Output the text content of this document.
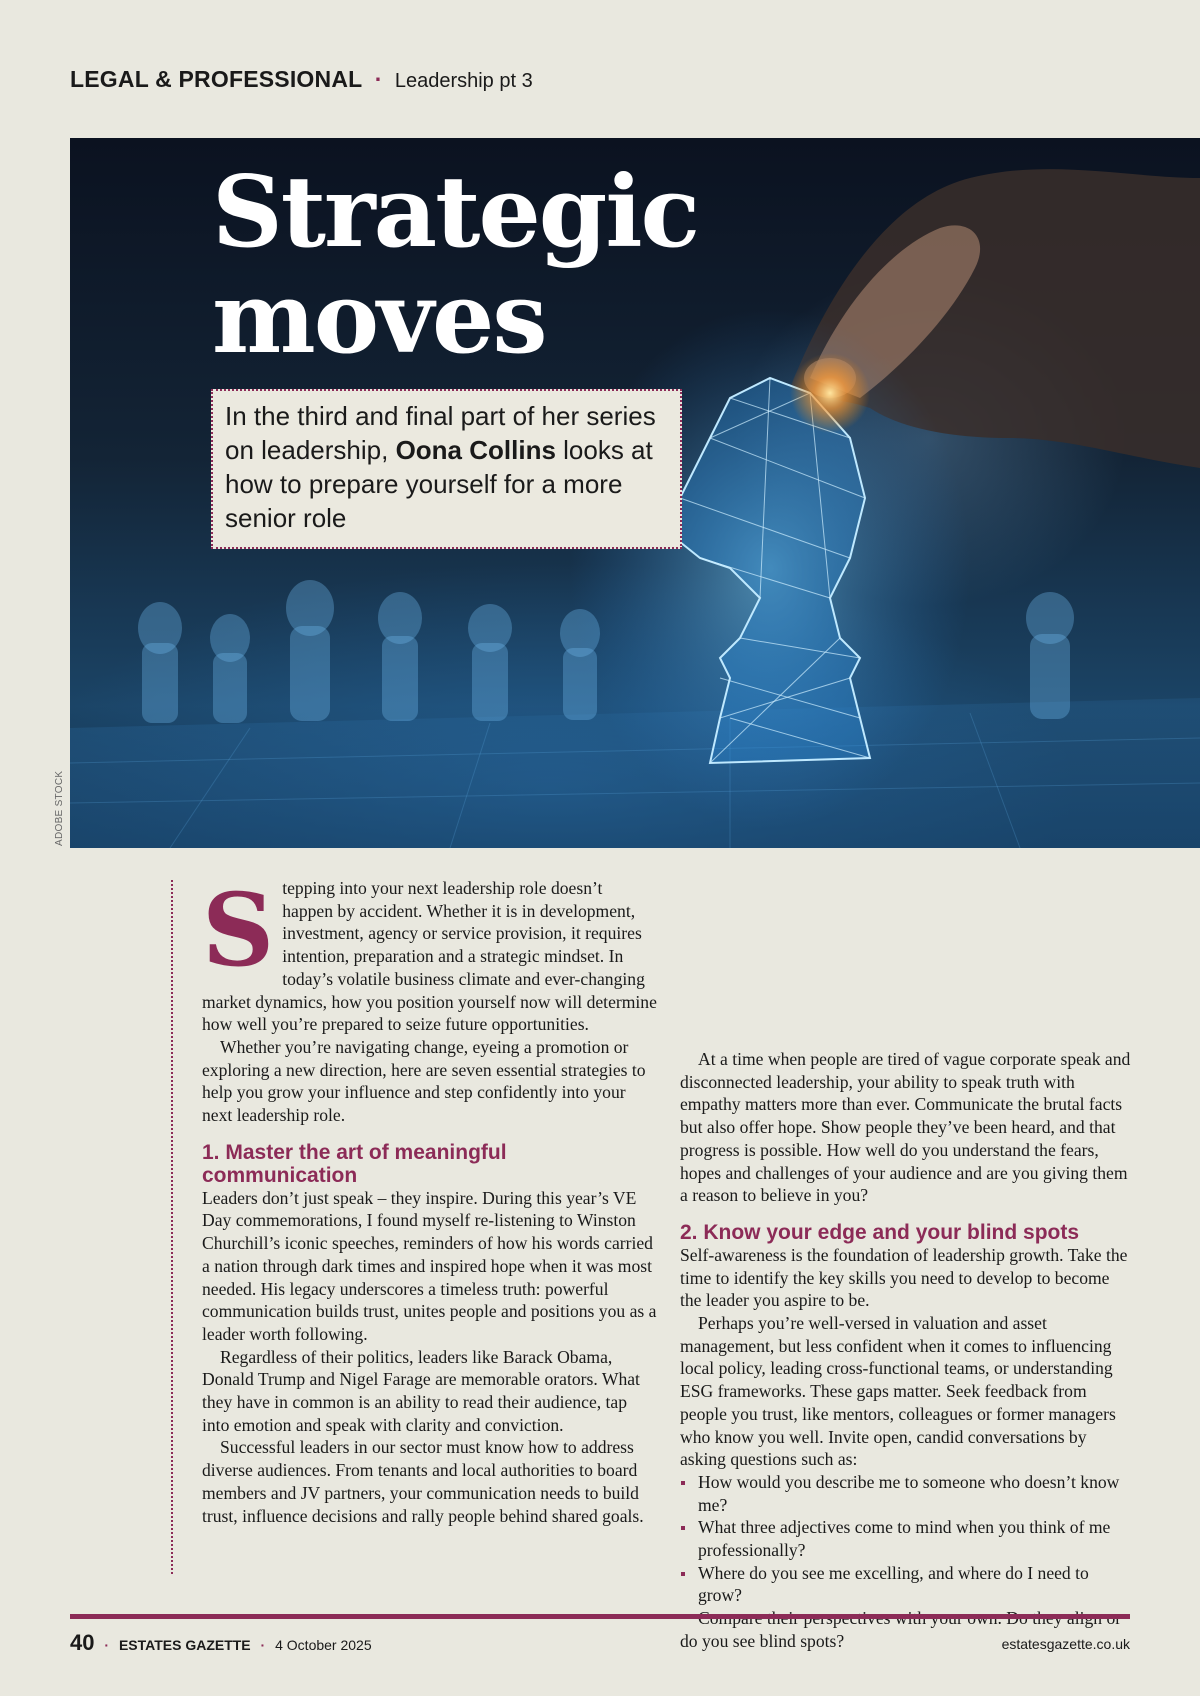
LEGAL & PROFESSIONAL · Leadership pt 3
Strategic
moves
In the third and final part of her series on leadership, Oona Collins looks at how to prepare yourself for a more senior role
ADOBE STOCK

Stepping into your next leadership role doesn’t happen by accident. Whether it is in development, investment, agency or service provision, it requires intention, preparation and a strategic mindset. In today’s volatile business climate and ever-changing market dynamics, how you position yourself now will determine how well you’re prepared to seize future opportunities.

Whether you’re navigating change, eyeing a promotion or exploring a new direction, here are seven essential strategies to help you grow your influence and step confidently into your next leadership role.

1. Master the art of meaningful communication

Leaders don’t just speak – they inspire. During this year’s VE Day commemorations, I found myself re-listening to Winston Churchill’s iconic speeches, reminders of how his words carried a nation through dark times and inspired hope when it was most needed. His legacy underscores a timeless truth: powerful communication builds trust, unites people and positions you as a leader worth following.

Regardless of their politics, leaders like Barack Obama, Donald Trump and Nigel Farage are memorable orators. What they have in common is an ability to read their audience, tap into emotion and speak with clarity and conviction.

Successful leaders in our sector must know how to address diverse audiences. From tenants and local authorities to board members and JV partners, your communication needs to build trust, influence decisions and rally people behind shared goals.

At a time when people are tired of vague corporate speak and disconnected leadership, your ability to speak truth with empathy matters more than ever. Communicate the brutal facts but also offer hope. Show people they’ve been heard, and that progress is possible. How well do you understand the fears, hopes and challenges of your audience and are you giving them a reason to believe in you?

2. Know your edge and your blind spots

Self-awareness is the foundation of leadership growth. Take the time to identify the key skills you need to develop to become the leader you aspire to be.

Perhaps you’re well-versed in valuation and asset management, but less confident when it comes to influencing local policy, leading cross-functional teams, or understanding ESG frameworks. These gaps matter. Seek feedback from people you trust, like mentors, colleagues or former managers who know you well. Invite open, candid conversations by asking questions such as:

How would you describe me to someone who doesn’t know me?
What three adjectives come to mind when you think of me professionally?
Where do you see me excelling, and where do I need to grow?

do you see blind spots?

40 · ESTATES GAZETTE · 4 October 2025	estatesgazette.co.uk
